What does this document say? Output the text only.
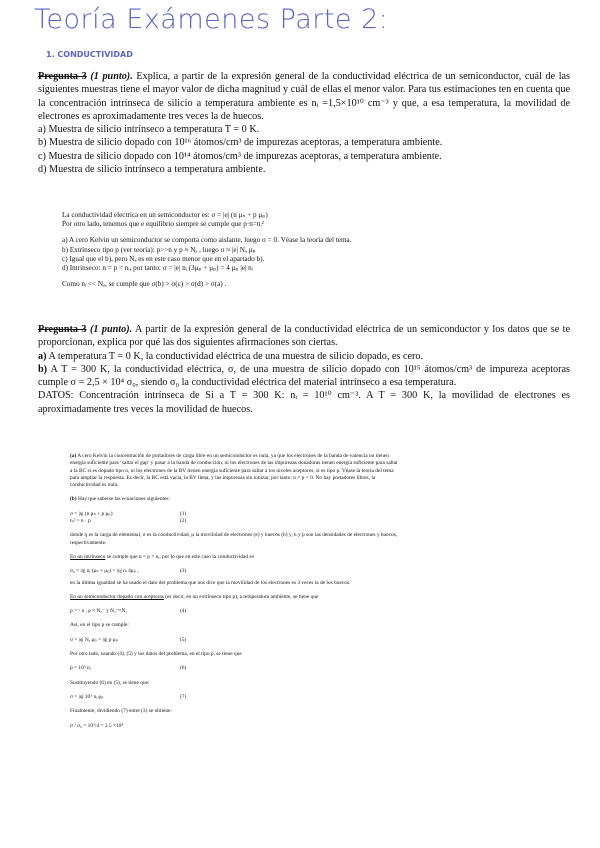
Teoría Exámenes Parte 2:
1. CONDUCTIVIDAD

Pregunta 3 (1 punto). Explica, a partir de la expresión general de la conductividad eléctrica de un semiconductor, cuál de las siguientes muestras tiene el mayor valor de dicha magnitud y cuál de ellas el menor valor. Para tus estimaciones ten en cuenta que la concentración intrínseca de silicio a temperatura ambiente es nᵢ =1,5×10¹⁰ cm⁻³ y que, a esa temperatura, la movilidad de electrones es aproximadamente tres veces la de huecos.

a) Muestra de silicio intrínseco a temperatura T = 0 K.

b) Muestra de silicio dopado con 10¹⁶ átomos/cm³ de impurezas aceptoras, a temperatura ambiente.

c) Muestra de silicio dopado con 10¹⁴ átomos/cm³ de impurezas aceptoras, a temperatura ambiente.

d) Muestra de silicio intrínseco a temperatura ambiente.

La conductividad electrica en un semiconductor es: σ = |e| (n μₙ + p μₚ)

Por otro lado, tenemos que e equilibrio siempre se cumple que p·n=nᵢ²

a) A cero Kelvin un semiconductor se comporta como aislante, luego σ = 0. Véase la teoría del tema.

b) Extrínseco tipo p (ver teoría): p>>n y p ≈ Nₐ , luego σ ≈ |e| Nₐ μₚ

c) Igual que el b), pero Nₐ es en este caso menor que en el apartado b).

d) Intrínseco: n = p = nᵢ, por tanto: σ = |e| nᵢ (3μₚ + μₚ) = 4 μₚ |e| nᵢ

Como nᵢ << Nₐ, se cumple que σ(b) > σ(c) > σ(d) > σ(a) .

Pregunta 3 (1 punto). A partir de la expresión general de la conductividad eléctrica de un semiconductor y los datos que se te proporcionan, explica por qué las dos siguientes afirmaciones son ciertas.

a) A temperatura T = 0 K, la conductividad eléctrica de una muestra de silicio dopado, es cero.

b) A T = 300 K, la conductividad eléctrica, σ, de una muestra de silicio dopado con 10¹⁵ átomos/cm³ de impureza aceptoras cumple σ = 2,5 × 10⁴ σ₀, siendo σ₀ la conductividad eléctrica del material intrínseco a esa temperatura.

DATOS: Concentración intrínseca de Si a T = 300 K: nᵢ = 10¹⁰ cm⁻³. A T = 300 K, la movilidad de electrones es aproximadamente tres veces la movilidad de huecos.

(a) A cero Kelvin la concentración de portadores de carga libre en un semiconductor es nula, ya que los electrones de la banda de valencia no tienen energía suficiente para ‘saltar el gap’ y pasar a la banda de conducción, ni los electrones de las impurezas donadoras tienen energía suficiente para saltar a la BC si es dopado tipo n, ni los electrones de la BV tienen energía suficiente para saltar a los niveles aceptores, si es tipo p. Véase la teoría del tema para ampliar la respuesta. Es decir, la BC está vacía, la BV llena, y las impurezas sin ionizar, por tanto: n = p = 0. No hay portadores libres, la conductividad es nula.

(b) Hay que saberse las ecuaciones siguientes:

σ = |q| (n μₙ + p μₚ)	(1)
nᵢ² = n · p	(2)

donde q es la carga de elemental, σ es la conductividad, μ la movilidad de electrones (e) y huecos (h) y, n y p son las densidades de electrones y huecos, respectivamente.

En un intrínseco se cumple que n = p = nᵢ, por lo que en este caso la conductividad es

σ₀ = |q| nᵢ (μₙ + μₚ) = |q| nᵢ 4μₚ ,	(3)

en la última igualdad se ha usado el dato del problema que nos dice que la movilidad de los electrones es 3 veces la de los huecos.

En un semiconductor dopado con aceptoras (es decir, en un extrínseco tipo p), a temperatura ambiente, se tiene que

p >> n , p ≈ Nₐ⁻ y Nₐ⁻≈Nₐ	(4)

Así, en el tipo p se cumple:

σ = |q| Nₐ μₚ = |q| p μₚ	(5)

Por otro lado, usando (4), (5) y los datos del problema, en el tipo p, se tiene que

p = 10⁵ nᵢ	(6)

Sustituyendo (6) en (5), se tiene que:

σ = |q| 10⁵ nᵢ μₚ	(7)

Finalmente, dividiendo (7) entre (3) se obtiene:

σ / σ₀ = 10⁵/4 = 2.5 ×10⁴
